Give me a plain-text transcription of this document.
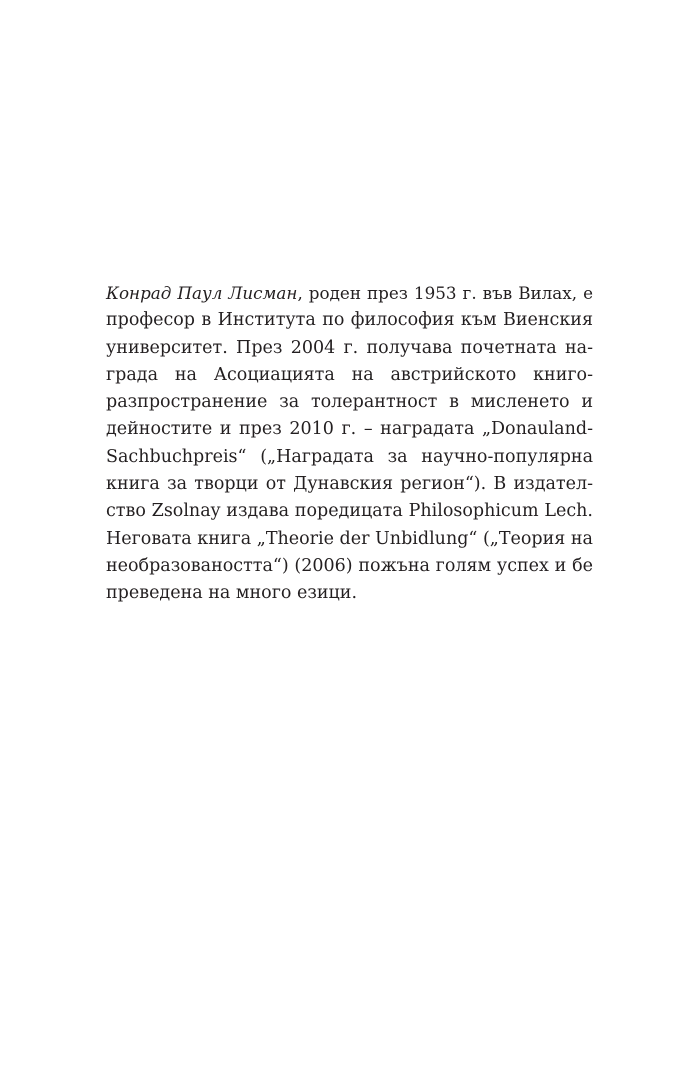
Конрад Паул Лисман, роден през 1953 г. във Вилах, е
професор в Института по философия към Виенския
университет. През 2004 г. получава почетната на-
града на Асоциацията на австрийското книго-
разпространение за толерантност в мисленето и
дейностите и през 2010 г. – наградата „Donauland-
Sachbuchpreis“ („Наградата за научно-популярна
книга за творци от Дунавския регион“). В издател-
ство Zsolnay издава поредицата Philosophicum Lech.
Неговата книга „Theorie der Unbidlung“ („Теория на
необразоваността“) (2006) пожъна голям успех и бе
преведена на много езици.
